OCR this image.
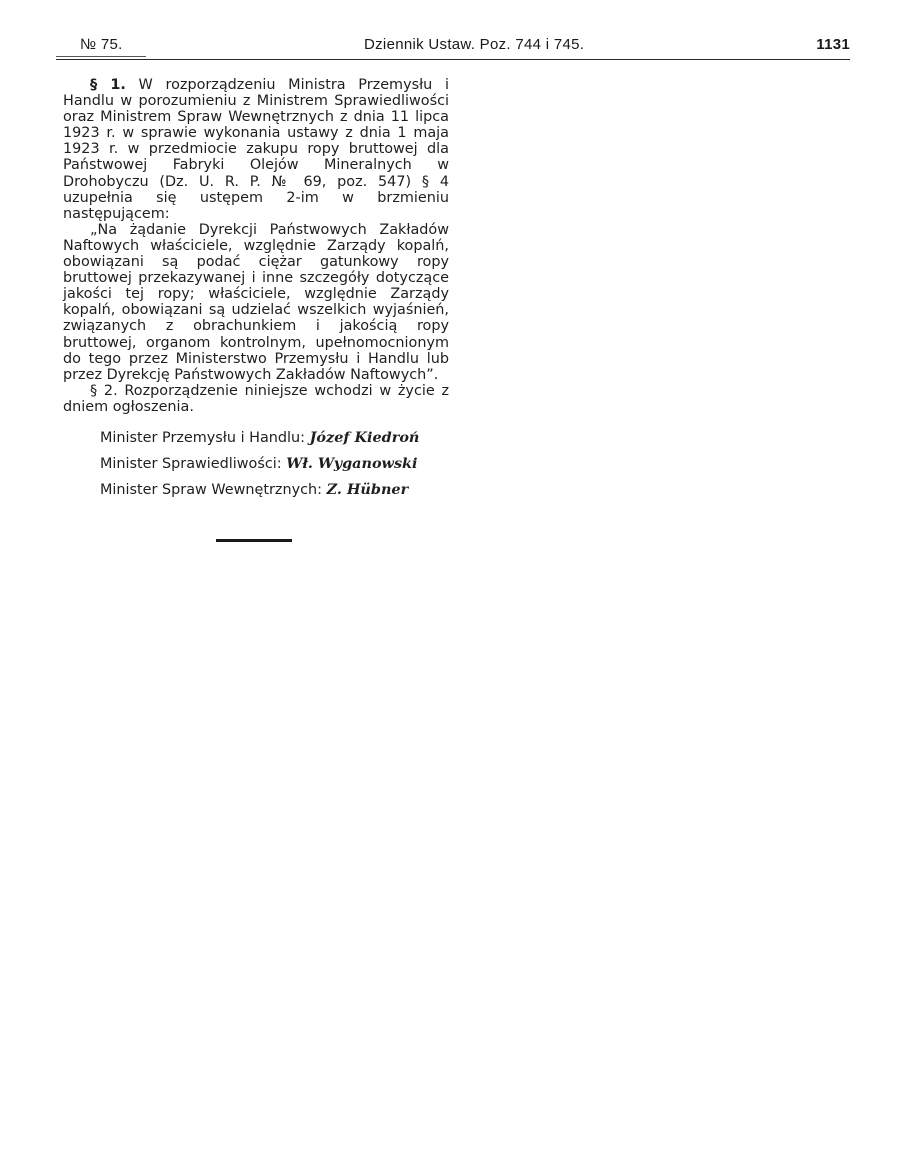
№ 75.	Dziennik Ustaw. Poz. 744 i 745.	1131

§ 1. W rozporządzeniu Ministra Przemysłu i Handlu w porozumieniu z Ministrem Sprawiedliwości oraz Ministrem Spraw Wewnętrznych z dnia 11 lipca 1923 r. w sprawie wykonania ustawy z dnia 1 maja 1923 r. w przedmiocie zakupu ropy bruttowej dla Państwowej Fabryki Olejów Mineralnych w Drohobyczu (Dz. U. R. P. № 69, poz. 547) § 4 uzupełnia się ustępem 2-im w brzmieniu następującem:

„Na żądanie Dyrekcji Państwowych Zakładów Naftowych właściciele, względnie Zarządy kopalń, obowiązani są podać ciężar gatunkowy ropy bruttowej przekazywanej i inne szczegóły dotyczące jakości tej ropy; właściciele, względnie Zarządy kopalń, obowiązani są udzielać wszelkich wyjaśnień, związanych z obrachunkiem i jakością ropy bruttowej, organom kontrolnym, upełnomocnionym do tego przez Ministerstwo Przemysłu i Handlu lub przez Dyrekcję Państwowych Zakładów Naftowych”.

§ 2. Rozporządzenie niniejsze wchodzi w życie z dniem ogłoszenia.

Minister Przemysłu i Handlu: Józef Kiedroń
Minister Sprawiedliwości: Wł. Wyganowski
Minister Spraw Wewnętrznych: Z. Hübner
